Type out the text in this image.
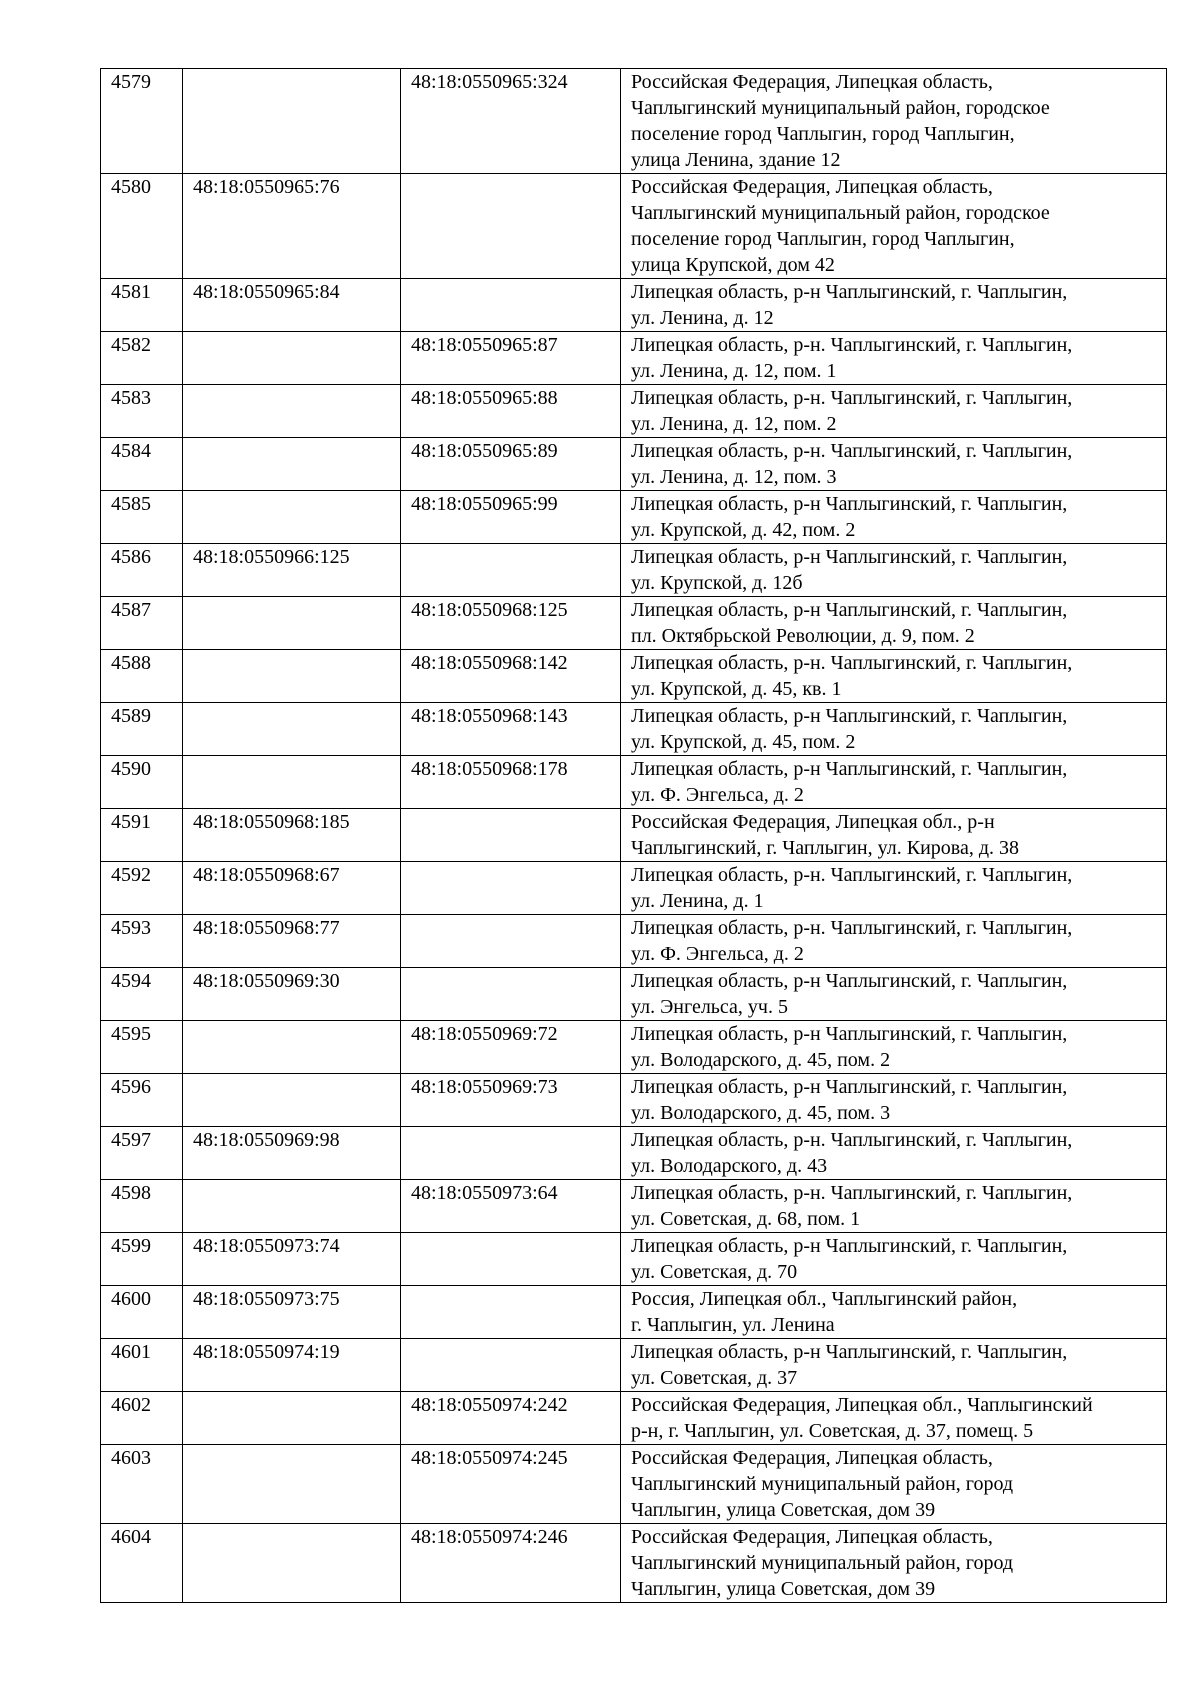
4579		48:18:0550965:324	Российская Федерация, Липецкая область,
Чаплыгинский муниципальный район, городское
поселение город Чаплыгин, город Чаплыгин,
улица Ленина, здание 12
4580	48:18:0550965:76		Российская Федерация, Липецкая область,
Чаплыгинский муниципальный район, городское
поселение город Чаплыгин, город Чаплыгин,
улица Крупской, дом 42
4581	48:18:0550965:84		Липецкая область, р-н Чаплыгинский, г. Чаплыгин,
ул. Ленина, д. 12
4582		48:18:0550965:87	Липецкая область, р-н. Чаплыгинский, г. Чаплыгин,
ул. Ленина, д. 12, пом. 1
4583		48:18:0550965:88	Липецкая область, р-н. Чаплыгинский, г. Чаплыгин,
ул. Ленина, д. 12, пом. 2
4584		48:18:0550965:89	Липецкая область, р-н. Чаплыгинский, г. Чаплыгин,
ул. Ленина, д. 12, пом. 3
4585		48:18:0550965:99	Липецкая область, р-н Чаплыгинский, г. Чаплыгин,
ул. Крупской, д. 42, пом. 2
4586	48:18:0550966:125		Липецкая область, р-н Чаплыгинский, г. Чаплыгин,
ул. Крупской, д. 12б
4587		48:18:0550968:125	Липецкая область, р-н Чаплыгинский, г. Чаплыгин,
пл. Октябрьской Революции, д. 9, пом. 2
4588		48:18:0550968:142	Липецкая область, р-н. Чаплыгинский, г. Чаплыгин,
ул. Крупской, д. 45, кв. 1
4589		48:18:0550968:143	Липецкая область, р-н Чаплыгинский, г. Чаплыгин,
ул. Крупской, д. 45, пом. 2
4590		48:18:0550968:178	Липецкая область, р-н Чаплыгинский, г. Чаплыгин,
ул. Ф. Энгельса, д. 2
4591	48:18:0550968:185		Российская Федерация, Липецкая обл., р-н
Чаплыгинский, г. Чаплыгин, ул. Кирова, д. 38
4592	48:18:0550968:67		Липецкая область, р-н. Чаплыгинский, г. Чаплыгин,
ул. Ленина, д. 1
4593	48:18:0550968:77		Липецкая область, р-н. Чаплыгинский, г. Чаплыгин,
ул. Ф. Энгельса, д. 2
4594	48:18:0550969:30		Липецкая область, р-н Чаплыгинский, г. Чаплыгин,
ул. Энгельса, уч. 5
4595		48:18:0550969:72	Липецкая область, р-н Чаплыгинский, г. Чаплыгин,
ул. Володарского, д. 45, пом. 2
4596		48:18:0550969:73	Липецкая область, р-н Чаплыгинский, г. Чаплыгин,
ул. Володарского, д. 45, пом. 3
4597	48:18:0550969:98		Липецкая область, р-н. Чаплыгинский, г. Чаплыгин,
ул. Володарского, д. 43
4598		48:18:0550973:64	Липецкая область, р-н. Чаплыгинский, г. Чаплыгин,
ул. Советская, д. 68, пом. 1
4599	48:18:0550973:74		Липецкая область, р-н Чаплыгинский, г. Чаплыгин,
ул. Советская, д. 70
4600	48:18:0550973:75		Россия, Липецкая обл., Чаплыгинский район,
г. Чаплыгин, ул. Ленина
4601	48:18:0550974:19		Липецкая область, р-н Чаплыгинский, г. Чаплыгин,
ул. Советская, д. 37
4602		48:18:0550974:242	Российская Федерация, Липецкая обл., Чаплыгинский
р-н, г. Чаплыгин, ул. Советская, д. 37, помещ. 5
4603		48:18:0550974:245	Российская Федерация, Липецкая область,
Чаплыгинский муниципальный район, город
Чаплыгин, улица Советская, дом 39
4604		48:18:0550974:246	Российская Федерация, Липецкая область,
Чаплыгинский муниципальный район, город
Чаплыгин, улица Советская, дом 39
